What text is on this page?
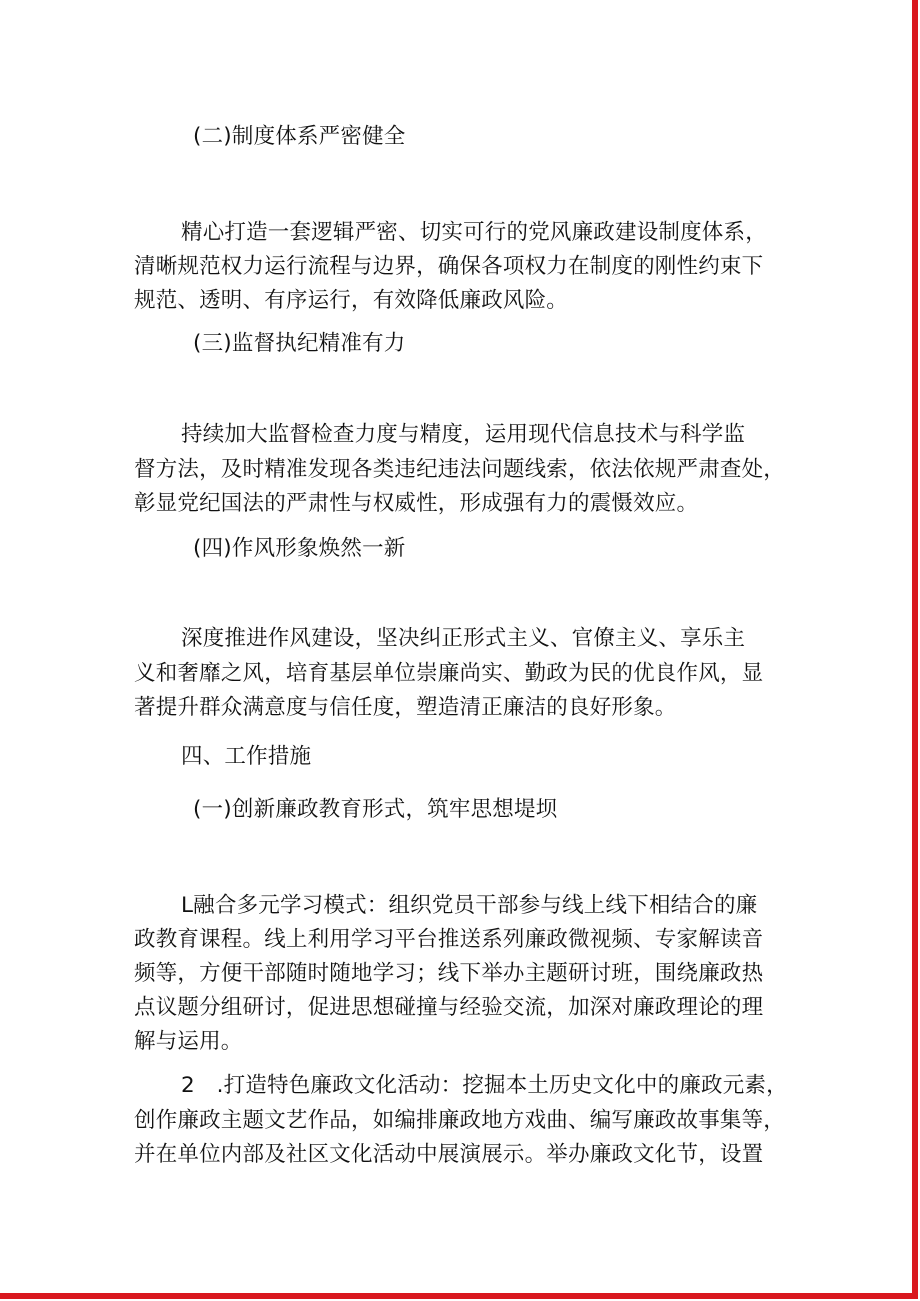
(二)制度体系严密健全
精心打造一套逻辑严密、切实可行的党风廉政建设制度体系，
清晰规范权力运行流程与边界，确保各项权力在制度的刚性约束下
规范、透明、有序运行，有效降低廉政风险。
(三)监督执纪精准有力
持续加大监督检查力度与精度，运用现代信息技术与科学监
督方法，及时精准发现各类违纪违法问题线索，依法依规严肃查处，
彰显党纪国法的严肃性与权威性，形成强有力的震慑效应。
(四)作风形象焕然一新
深度推进作风建设，坚决纠正形式主义、官僚主义、享乐主
义和奢靡之风，培育基层单位崇廉尚实、勤政为民的优良作风，显
著提升群众满意度与信任度，塑造清正廉洁的良好形象。
四、工作措施
(一)创新廉政教育形式，筑牢思想堤坝
L融合多元学习模式：组织党员干部参与线上线下相结合的廉
政教育课程。线上利用学习平台推送系列廉政微视频、专家解读音
频等，方便干部随时随地学习；线下举办主题研讨班，围绕廉政热
点议题分组研讨，促进思想碰撞与经验交流，加深对廉政理论的理
解与运用。
2　.打造特色廉政文化活动：挖掘本土历史文化中的廉政元素，
创作廉政主题文艺作品，如编排廉政地方戏曲、编写廉政故事集等，
并在单位内部及社区文化活动中展演展示。举办廉政文化节，设置
